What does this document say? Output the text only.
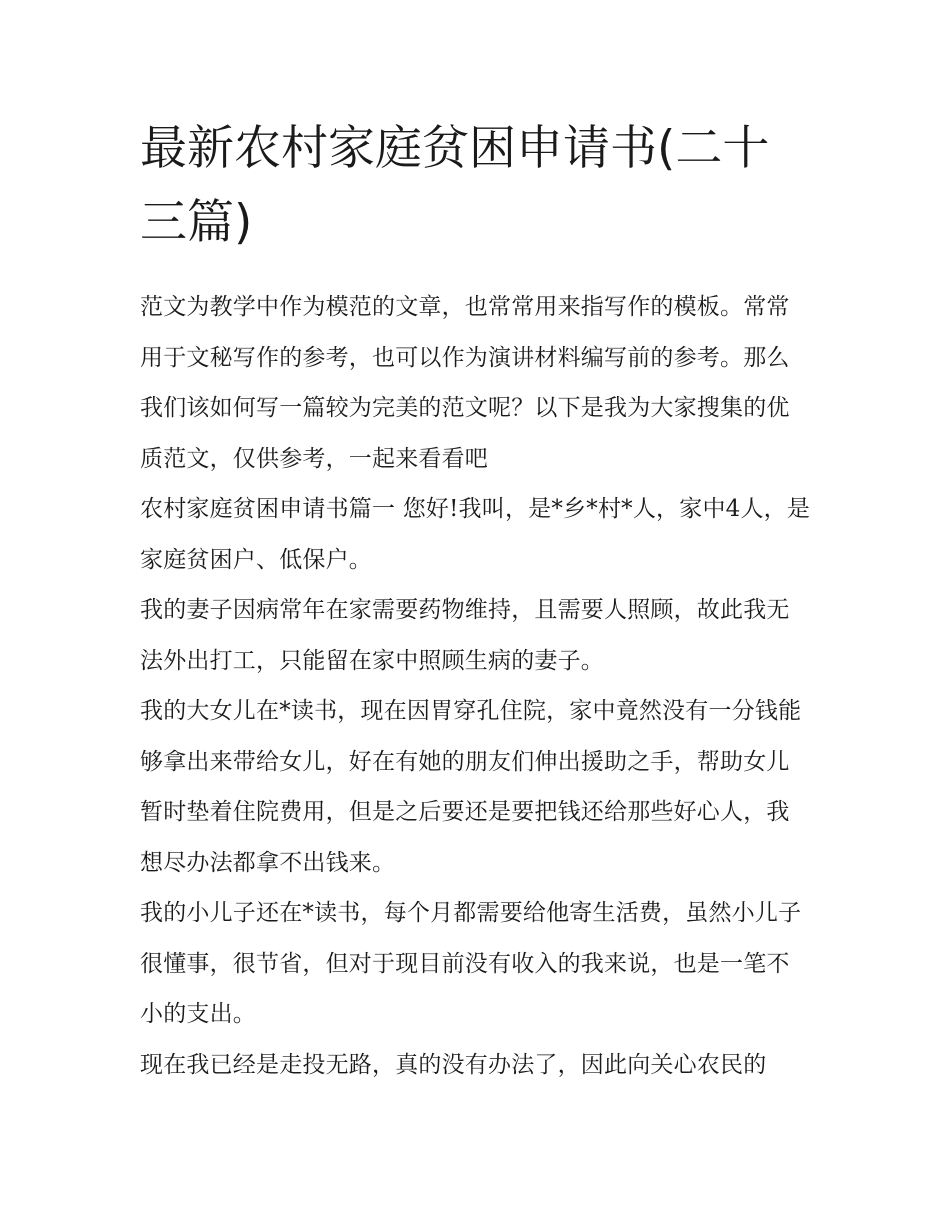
最新农村家庭贫困申请书(二十三篇)

范文为教学中作为模范的文章，也常常用来指写作的模板。常常用于文秘写作的参考，也可以作为演讲材料编写前的参考。那么我们该如何写一篇较为完美的范文呢？以下是我为大家搜集的优质范文，仅供参考，一起来看看吧

农村家庭贫困申请书篇一 您好!我叫，是*乡*村*人，家中4人，是家庭贫困户、低保户。

我的妻子因病常年在家需要药物维持，且需要人照顾，故此我无法外出打工，只能留在家中照顾生病的妻子。

我的大女儿在*读书，现在因胃穿孔住院，家中竟然没有一分钱能够拿出来带给女儿，好在有她的朋友们伸出援助之手，帮助女儿暂时垫着住院费用，但是之后要还是要把钱还给那些好心人，我想尽办法都拿不出钱来。

我的小儿子还在*读书，每个月都需要给他寄生活费，虽然小儿子很懂事，很节省，但对于现目前没有收入的我来说，也是一笔不小的支出。

现在我已经是走投无路，真的没有办法了，因此向关心农民的
